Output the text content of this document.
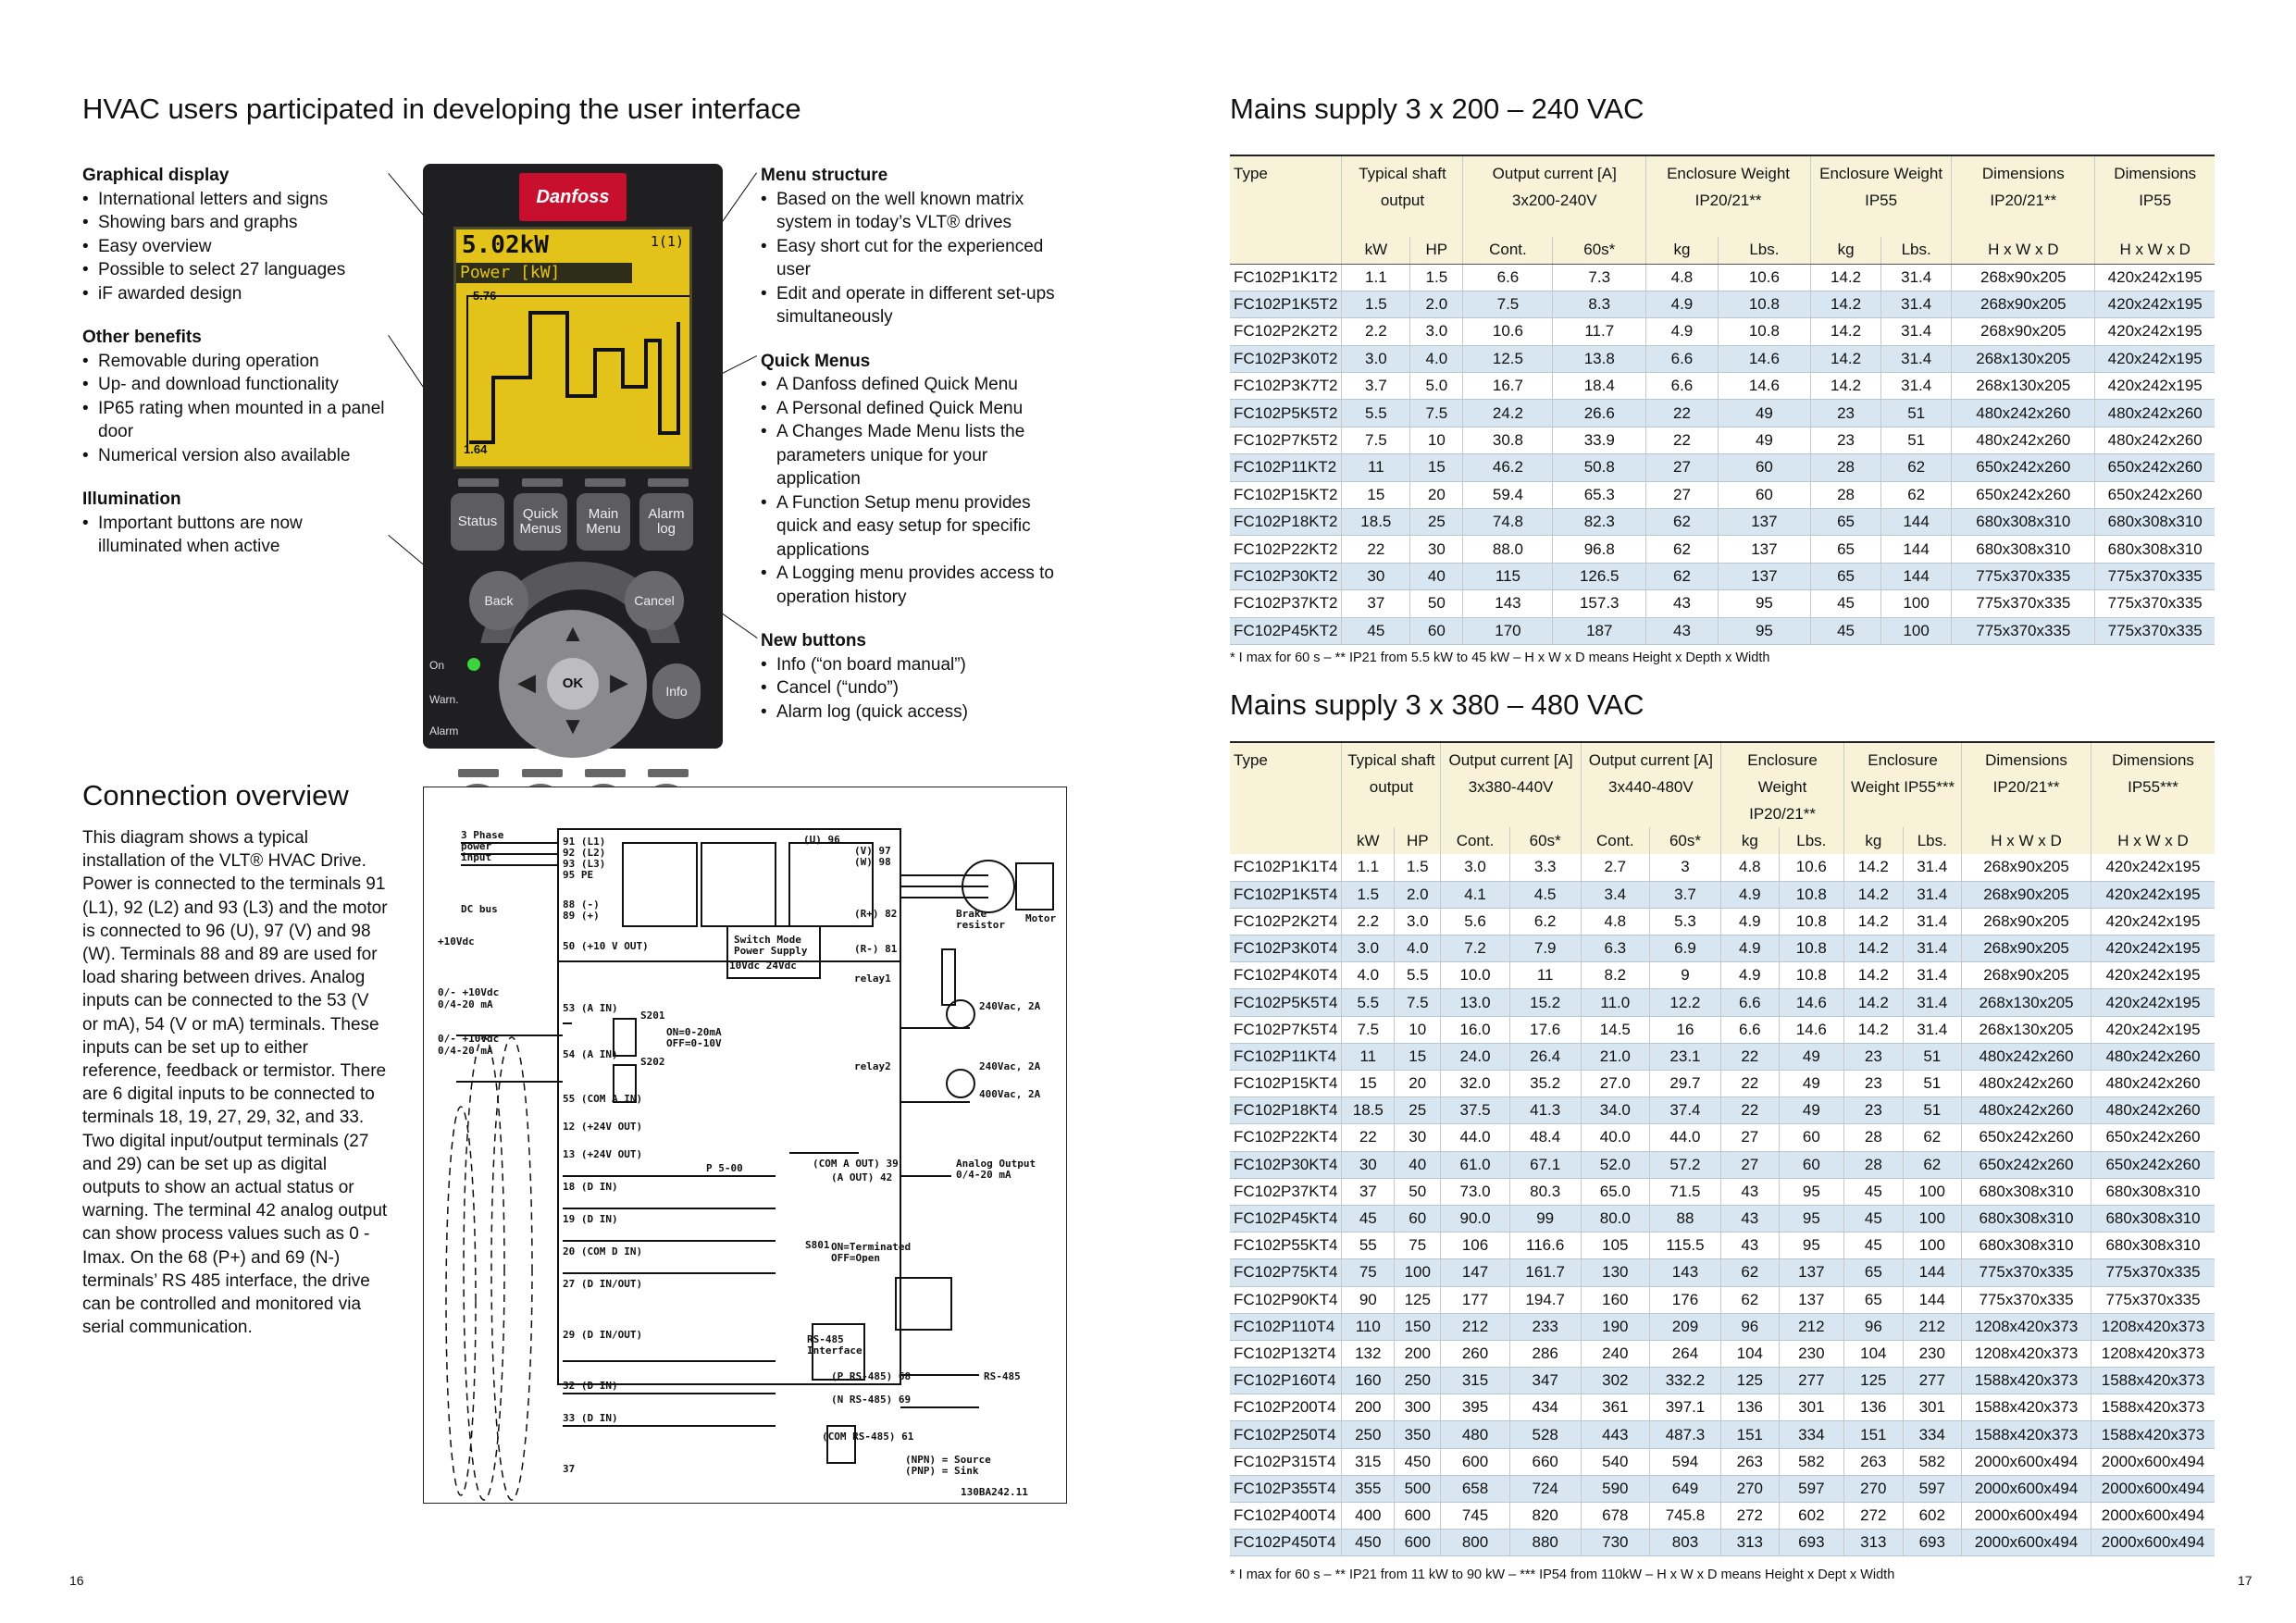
HVAC users participated in developing the user interface
Graphical display
• International letters and signs
• Showing bars and graphs
• Easy overview
• Possible to select 27 languages
• iF awarded design
Other benefits
• Removable during operation
• Up- and download functionality
• IP65 rating when mounted in a panel door
• Numerical version also available
Illumination
• Important buttons are now illuminated when active
Menu structure
• Based on the well known matrix system in today’s VLT® drives
• Easy short cut for the experienced user
• Edit and operate in different set-ups simultaneously
Quick Menus
• A Danfoss defined Quick Menu
• A Personal defined Quick Menu
• A Changes Made Menu lists the parameters unique for your application
• A Function Setup menu provides quick and easy setup for specific applications
• A Logging menu provides access to operation history
New buttons
• Info (“on board manual”)
• Cancel (“undo”)
• Alarm log (quick access)
Danfoss
5.02kW	1(1)
Power [kW]
5.76
1.64
Status	Quick Menus
Main Menu
Alarm log
Back	Cancel
▲
▼
◀	▶
OK	Info
On
Warn.
Alarm
Connection overview
This diagram shows a typical installation of the VLT® HVAC Drive. Power is connected to the terminals 91 (L1), 92 (L2) and 93 (L3) and the motor is connected to 96 (U), 97 (V) and 98 (W). Terminals 88 and 89 are used for load sharing between drives. Analog inputs can be connected to the 53 (V or mA), 54 (V or mA) terminals. These inputs can be set up to either reference, feedback or termistor. There are 6 digital inputs to be connected to terminals 18, 19, 27, 29, 32, and 33. Two digital input/output terminals (27 and 29) can be set up as digital outputs to show an actual status or warning. The terminal 42 analog output can show process values such as 0 - Imax. On the 68 (P+) and 69 (N-) terminals’ RS 485 interface, the drive can be controlled and monitored via serial communication.
91 (L1)
92 (L2)
93 (L3)
95 PE
88 (-)
89 (+)
50 (+10 V OUT)
53 (A IN)
54 (A IN)
55 (COM A IN)
12 (+24V OUT)
13 (+24V OUT)
18 (D IN)
19 (D IN)
20 (COM D IN)
27 (D IN/OUT)
29 (D IN/OUT)
32 (D IN)
33 (D IN)
37
3 Phase
power
input
DC bus
+10Vdc
0/- +10Vdc
0/4-20 mA
0/- +10Vdc
0/4-20 mA
Switch Mode
Power Supply
10Vdc 24Vdc
S201
S202
ON=0-20mA
OFF=0-10V
P 5-00
(U) 96
(V) 97
(W) 98
(R+) 82
(R-) 81
Brake
resistor
Motor
relay1
240Vac, 2A
relay2	240Vac, 2A
400Vac, 2A
(COM A OUT) 39
(A OUT) 42
Analog Output
0/4-20 mA
S801 ON=Terminated
OFF=Open
RS-485
Interface
(P RS-485) 68
(N RS-485) 69
RS-485
(COM RS-485) 61
(NPN) = Source
(PNP) = Sink
130BA242.11
16
Mains supply 3 x 200 – 240 VAC
Type	Typical shaft output		Output current [A] 3x200-240V		Enclosure Weight IP20/21**		Enclosure Weight IP55		Dimensions IP20/21**	Dimensions IP55
	kW	HP	Cont.	60s*	kg	Lbs.	kg	Lbs.	H x W x D	H x W x D
FC102P1K1T2	1.1	1.5	6.6	7.3	4.8	10.6	14.2	31.4	268x90x205	420x242x195
FC102P1K5T2	1.5	2.0	7.5	8.3	4.9	10.8	14.2	31.4	268x90x205	420x242x195
FC102P2K2T2	2.2	3.0	10.6	11.7	4.9	10.8	14.2	31.4	268x90x205	420x242x195
FC102P3K0T2	3.0	4.0	12.5	13.8	6.6	14.6	14.2	31.4	268x130x205	420x242x195
FC102P3K7T2	3.7	5.0	16.7	18.4	6.6	14.6	14.2	31.4	268x130x205	420x242x195
FC102P5K5T2	5.5	7.5	24.2	26.6	22	49	23	51	480x242x260	480x242x260
FC102P7K5T2	7.5	10	30.8	33.9	22	49	23	51	480x242x260	480x242x260
FC102P11KT2	11	15	46.2	50.8	27	60	28	62	650x242x260	650x242x260
FC102P15KT2	15	20	59.4	65.3	27	60	28	62	650x242x260	650x242x260
FC102P18KT2	18.5	25	74.8	82.3	62	137	65	144	680x308x310	680x308x310
FC102P22KT2	22	30	88.0	96.8	62	137	65	144	680x308x310	680x308x310
FC102P30KT2	30	40	115	126.5	62	137	65	144	775x370x335	775x370x335
FC102P37KT2	37	50	143	157.3	43	95	45	100	775x370x335	775x370x335
FC102P45KT2	45	60	170	187	43	95	45	100	775x370x335	775x370x335
* I max for 60 s – ** IP21 from 5.5 kW to 45 kW – H x W x D means Height x Depth x Width
Mains supply 3 x 380 – 480 VAC
Type	Typical shaft output		Output current [A] 3x380-440V		Output current [A] 3x440-480V		Enclosure Weight IP20/21**		Enclosure Weight IP55***		Dimensions IP20/21**	Dimensions IP55***
	kW	HP	Cont.	60s*	Cont.	60s*	kg	Lbs.	kg	Lbs.	H x W x D	H x W x D
FC102P1K1T4	1.1	1.5	3.0	3.3	2.7	3	4.8	10.6	14.2	31.4	268x90x205	420x242x195
FC102P1K5T4	1.5	2.0	4.1	4.5	3.4	3.7	4.9	10.8	14.2	31.4	268x90x205	420x242x195
FC102P2K2T4	2.2	3.0	5.6	6.2	4.8	5.3	4.9	10.8	14.2	31.4	268x90x205	420x242x195
FC102P3K0T4	3.0	4.0	7.2	7.9	6.3	6.9	4.9	10.8	14.2	31.4	268x90x205	420x242x195
FC102P4K0T4	4.0	5.5	10.0	11	8.2	9	4.9	10.8	14.2	31.4	268x90x205	420x242x195
FC102P5K5T4	5.5	7.5	13.0	15.2	11.0	12.2	6.6	14.6	14.2	31.4	268x130x205	420x242x195
FC102P7K5T4	7.5	10	16.0	17.6	14.5	16	6.6	14.6	14.2	31.4	268x130x205	420x242x195
FC102P11KT4	11	15	24.0	26.4	21.0	23.1	22	49	23	51	480x242x260	480x242x260
FC102P15KT4	15	20	32.0	35.2	27.0	29.7	22	49	23	51	480x242x260	480x242x260
FC102P18KT4	18.5	25	37.5	41.3	34.0	37.4	22	49	23	51	480x242x260	480x242x260
FC102P22KT4	22	30	44.0	48.4	40.0	44.0	27	60	28	62	650x242x260	650x242x260
FC102P30KT4	30	40	61.0	67.1	52.0	57.2	27	60	28	62	650x242x260	650x242x260
FC102P37KT4	37	50	73.0	80.3	65.0	71.5	43	95	45	100	680x308x310	680x308x310
FC102P45KT4	45	60	90.0	99	80.0	88	43	95	45	100	680x308x310	680x308x310
FC102P55KT4	55	75	106	116.6	105	115.5	43	95	45	100	680x308x310	680x308x310
FC102P75KT4	75	100	147	161.7	130	143	62	137	65	144	775x370x335	775x370x335
FC102P90KT4	90	125	177	194.7	160	176	62	137	65	144	775x370x335	775x370x335
FC102P110T4	110	150	212	233	190	209	96	212	96	212	1208x420x373	1208x420x373
FC102P132T4	132	200	260	286	240	264	104	230	104	230	1208x420x373	1208x420x373
FC102P160T4	160	250	315	347	302	332.2	125	277	125	277	1588x420x373	1588x420x373
FC102P200T4	200	300	395	434	361	397.1	136	301	136	301	1588x420x373	1588x420x373
FC102P250T4	250	350	480	528	443	487.3	151	334	151	334	1588x420x373	1588x420x373
FC102P315T4	315	450	600	660	540	594	263	582	263	582	2000x600x494	2000x600x494
FC102P355T4	355	500	658	724	590	649	270	597	270	597	2000x600x494	2000x600x494
FC102P400T4	400	600	745	820	678	745.8	272	602	272	602	2000x600x494	2000x600x494
FC102P450T4	450	600	800	880	730	803	313	693	313	693	2000x600x494	2000x600x494
* I max for 60 s – ** IP21 from 11 kW to 90 kW – *** IP54 from 110kW – H x W x D means Height x Dept x Width	17
